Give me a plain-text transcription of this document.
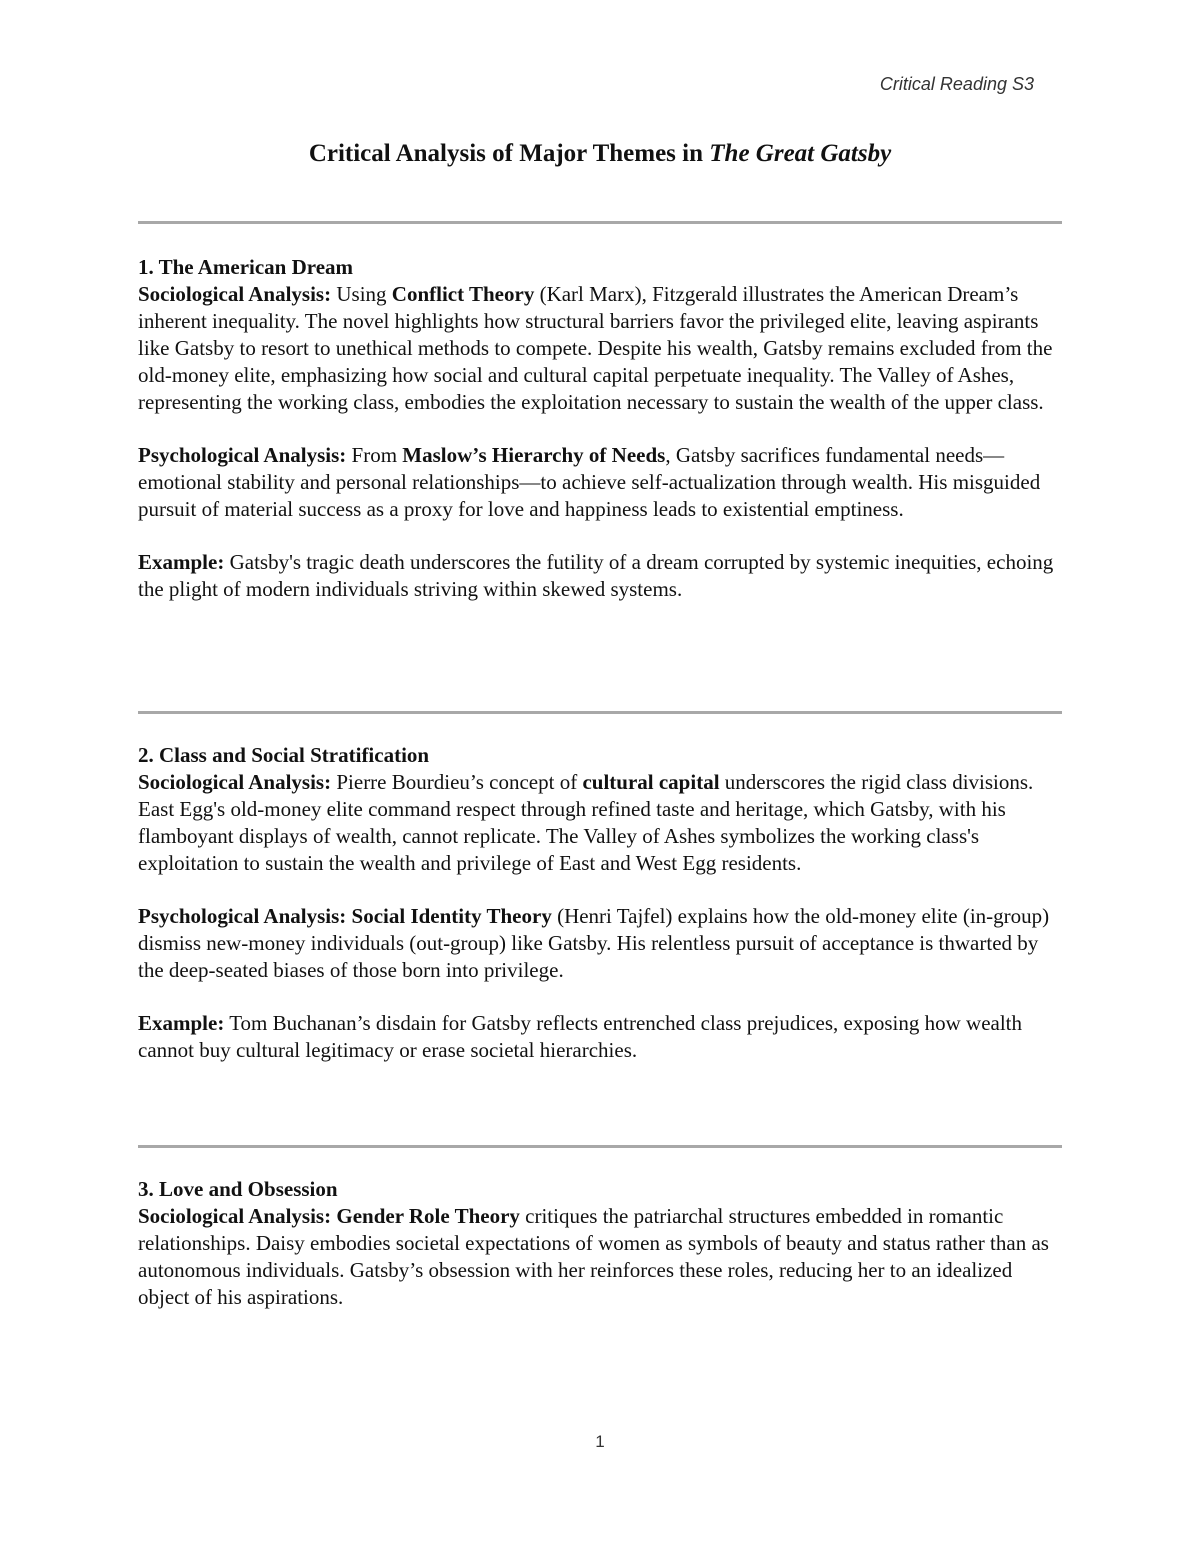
Critical Reading S3
Critical Analysis of Major Themes in The Great Gatsby

1. The American Dream

Sociological Analysis: Using Conflict Theory (Karl Marx), Fitzgerald illustrates the American Dream’s inherent inequality. The novel highlights how structural barriers favor the privileged elite, leaving aspirants like Gatsby to resort to unethical methods to compete. Despite his wealth, Gatsby remains excluded from the old-money elite, emphasizing how social and cultural capital perpetuate inequality. The Valley of Ashes, representing the working class, embodies the exploitation necessary to sustain the wealth of the upper class.

Psychological Analysis: From Maslow’s Hierarchy of Needs, Gatsby sacrifices fundamental needs—emotional stability and personal relationships—to achieve self-actualization through wealth. His misguided pursuit of material success as a proxy for love and happiness leads to existential emptiness.

Example: Gatsby's tragic death underscores the futility of a dream corrupted by systemic inequities, echoing the plight of modern individuals striving within skewed systems.

2. Class and Social Stratification

Sociological Analysis: Pierre Bourdieu’s concept of cultural capital underscores the rigid class divisions. East Egg's old-money elite command respect through refined taste and heritage, which Gatsby, with his flamboyant displays of wealth, cannot replicate. The Valley of Ashes symbolizes the working class's exploitation to sustain the wealth and privilege of East and West Egg residents.

Psychological Analysis: Social Identity Theory (Henri Tajfel) explains how the old-money elite (in-group) dismiss new-money individuals (out-group) like Gatsby. His relentless pursuit of acceptance is thwarted by the deep-seated biases of those born into privilege.

Example: Tom Buchanan’s disdain for Gatsby reflects entrenched class prejudices, exposing how wealth cannot buy cultural legitimacy or erase societal hierarchies.

3. Love and Obsession

Sociological Analysis: Gender Role Theory critiques the patriarchal structures embedded in romantic relationships. Daisy embodies societal expectations of women as symbols of beauty and status rather than as autonomous individuals. Gatsby’s obsession with her reinforces these roles, reducing her to an idealized object of his aspirations.

1
